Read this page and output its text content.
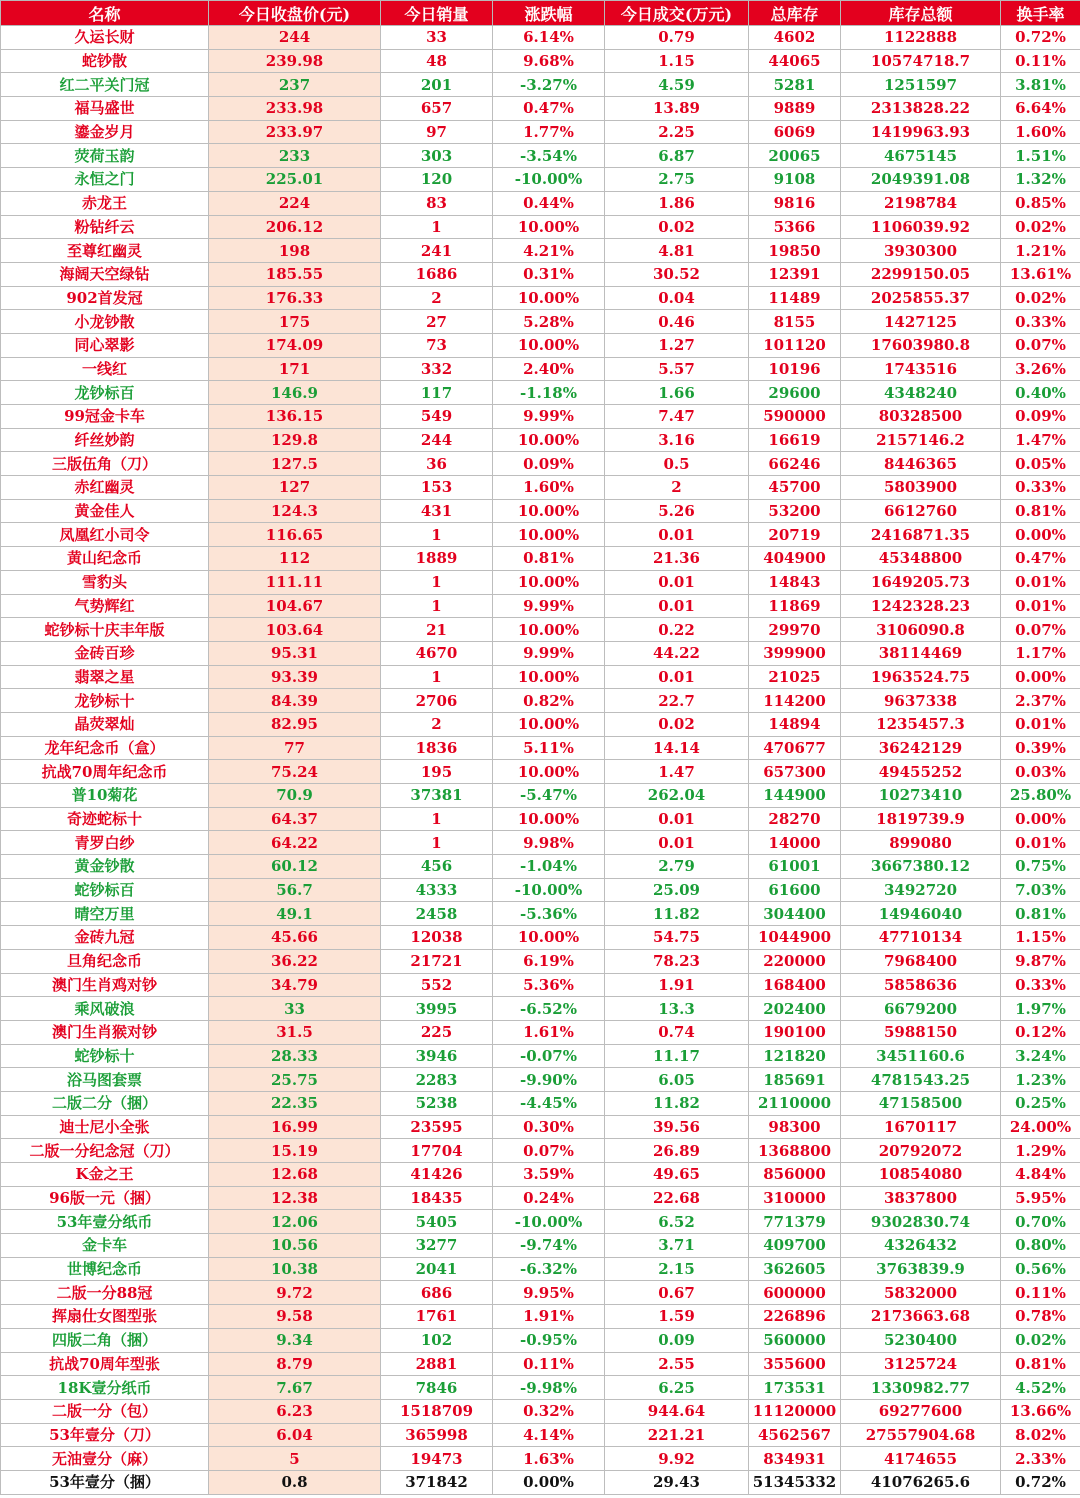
名称	今日收盘价(元)	今日销量	涨跌幅	今日成交(万元)	总库存	库存总额	换手率
久运长财	244	33	6.14%	0.79	4602	1122888	0.72%
蛇钞散	239.98	48	9.68%	1.15	44065	10574718.7	0.11%
红二平关门冠	237	201	-3.27%	4.59	5281	1251597	3.81%
福马盛世	233.98	657	0.47%	13.89	9889	2313828.22	6.64%
鎏金岁月	233.97	97	1.77%	2.25	6069	1419963.93	1.60%
荧荷玉韵	233	303	-3.54%	6.87	20065	4675145	1.51%
永恒之门	225.01	120	-10.00%	2.75	9108	2049391.08	1.32%
赤龙王	224	83	0.44%	1.86	9816	2198784	0.85%
粉钻纤云	206.12	1	10.00%	0.02	5366	1106039.92	0.02%
至尊红幽灵	198	241	4.21%	4.81	19850	3930300	1.21%
海阔天空绿钻	185.55	1686	0.31%	30.52	12391	2299150.05	13.61%
902首发冠	176.33	2	10.00%	0.04	11489	2025855.37	0.02%
小龙钞散	175	27	5.28%	0.46	8155	1427125	0.33%
同心翠影	174.09	73	10.00%	1.27	101120	17603980.8	0.07%
一线红	171	332	2.40%	5.57	10196	1743516	3.26%
龙钞标百	146.9	117	-1.18%	1.66	29600	4348240	0.40%
99冠金卡车	136.15	549	9.99%	7.47	590000	80328500	0.09%
纤丝妙韵	129.8	244	10.00%	3.16	16619	2157146.2	1.47%
三版伍角（刀）	127.5	36	0.09%	0.5	66246	8446365	0.05%
赤红幽灵	127	153	1.60%	2	45700	5803900	0.33%
黄金佳人	124.3	431	10.00%	5.26	53200	6612760	0.81%
凤凰红小司令	116.65	1	10.00%	0.01	20719	2416871.35	0.00%
黄山纪念币	112	1889	0.81%	21.36	404900	45348800	0.47%
雪豹头	111.11	1	10.00%	0.01	14843	1649205.73	0.01%
气势辉红	104.67	1	9.99%	0.01	11869	1242328.23	0.01%
蛇钞标十庆丰年版	103.64	21	10.00%	0.22	29970	3106090.8	0.07%
金砖百珍	95.31	4670	9.99%	44.22	399900	38114469	1.17%
翡翠之星	93.39	1	10.00%	0.01	21025	1963524.75	0.00%
龙钞标十	84.39	2706	0.82%	22.7	114200	9637338	2.37%
晶荧翠灿	82.95	2	10.00%	0.02	14894	1235457.3	0.01%
龙年纪念币（盒）	77	1836	5.11%	14.14	470677	36242129	0.39%
抗战70周年纪念币	75.24	195	10.00%	1.47	657300	49455252	0.03%
普10菊花	70.9	37381	-5.47%	262.04	144900	10273410	25.80%
奇迹蛇标十	64.37	1	10.00%	0.01	28270	1819739.9	0.00%
青罗白纱	64.22	1	9.98%	0.01	14000	899080	0.01%
黄金钞散	60.12	456	-1.04%	2.79	61001	3667380.12	0.75%
蛇钞标百	56.7	4333	-10.00%	25.09	61600	3492720	7.03%
晴空万里	49.1	2458	-5.36%	11.82	304400	14946040	0.81%
金砖九冠	45.66	12038	10.00%	54.75	1044900	47710134	1.15%
旦角纪念币	36.22	21721	6.19%	78.23	220000	7968400	9.87%
澳门生肖鸡对钞	34.79	552	5.36%	1.91	168400	5858636	0.33%
乘风破浪	33	3995	-6.52%	13.3	202400	6679200	1.97%
澳门生肖猴对钞	31.5	225	1.61%	0.74	190100	5988150	0.12%
蛇钞标十	28.33	3946	-0.07%	11.17	121820	3451160.6	3.24%
浴马图套票	25.75	2283	-9.90%	6.05	185691	4781543.25	1.23%
二版二分（捆）	22.35	5238	-4.45%	11.82	2110000	47158500	0.25%
迪士尼小全张	16.99	23595	0.30%	39.56	98300	1670117	24.00%
二版一分纪念冠（刀）	15.19	17704	0.07%	26.89	1368800	20792072	1.29%
K金之王	12.68	41426	3.59%	49.65	856000	10854080	4.84%
96版一元（捆）	12.38	18435	0.24%	22.68	310000	3837800	5.95%
53年壹分纸币	12.06	5405	-10.00%	6.52	771379	9302830.74	0.70%
金卡车	10.56	3277	-9.74%	3.71	409700	4326432	0.80%
世博纪念币	10.38	2041	-6.32%	2.15	362605	3763839.9	0.56%
二版一分88冠	9.72	686	9.95%	0.67	600000	5832000	0.11%
挥扇仕女图型张	9.58	1761	1.91%	1.59	226896	2173663.68	0.78%
四版二角（捆）	9.34	102	-0.95%	0.09	560000	5230400	0.02%
抗战70周年型张	8.79	2881	0.11%	2.55	355600	3125724	0.81%
18K壹分纸币	7.67	7846	-9.98%	6.25	173531	1330982.77	4.52%
二版一分（包）	6.23	1518709	0.32%	944.64	11120000	69277600	13.66%
53年壹分（刀）	6.04	365998	4.14%	221.21	4562567	27557904.68	8.02%
无油壹分（麻）	5	19473	1.63%	9.92	834931	4174655	2.33%
53年壹分（捆）	0.8	371842	0.00%	29.43	51345332	41076265.6	0.72%
